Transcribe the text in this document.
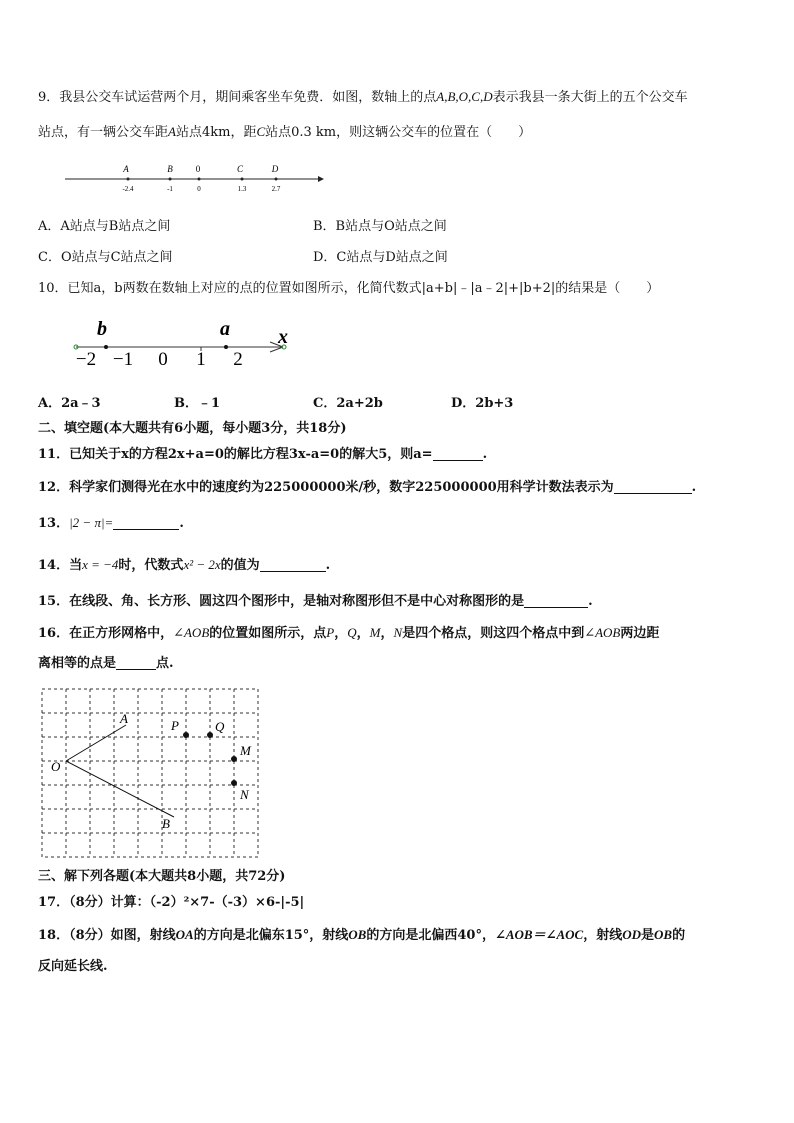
9．我县公交车试运营两个月，期间乘客坐车免费．如图，数轴上的点A,B,O,C,D表示我县一条大街上的五个公交车
站点，有一辆公交车距A站点4km，距C站点0.3 km，则这辆公交车的位置在（　　）
A	B	0	C	D
-2.4	-1	0	1.3	2.7
A．A站点与B站点之间	B．B站点与O站点之间
C．O站点与C站点之间	D．C站点与D站点之间
10．已知a，b两数在数轴上对应的点的位置如图所示，化简代数式|a+b|﹣|a﹣2|+|b+2|的结果是（　　）
b	a x
−2 −1 0 1 2
A．2a﹣3	B．﹣1	C．2a+2b	D．2b+3
二、填空题(本大题共有6小题，每小题3分，共18分)
11．已知关于x的方程2x+a=0的解比方程3x-a=0的解大5，则a=	.
12．科学家们测得光在水中的速度约为225000000米/秒，数字225000000用科学计数法表示为	.
13．|2 − π|=	.
14．当x = −4时，代数式x² − 2x的值为	.
15．在线段、角、长方形、圆这四个图形中，是轴对称图形但不是中心对称图形的是	.
16．在正方形网格中，∠AOB的位置如图所示，点P，Q，M，N是四个格点，则这四个格点中到∠AOB两边距
离相等的点是	点.
A
O
B
P	Q
M
N
三、解下列各题(本大题共8小题，共72分)
17．（8分）计算：（-2）²×7-（-3）×6-|-5|
18．（8分）如图，射线OA的方向是北偏东15°，射线OB的方向是北偏西40°，∠AOB＝∠AOC，射线OD是OB的
反向延长线.
